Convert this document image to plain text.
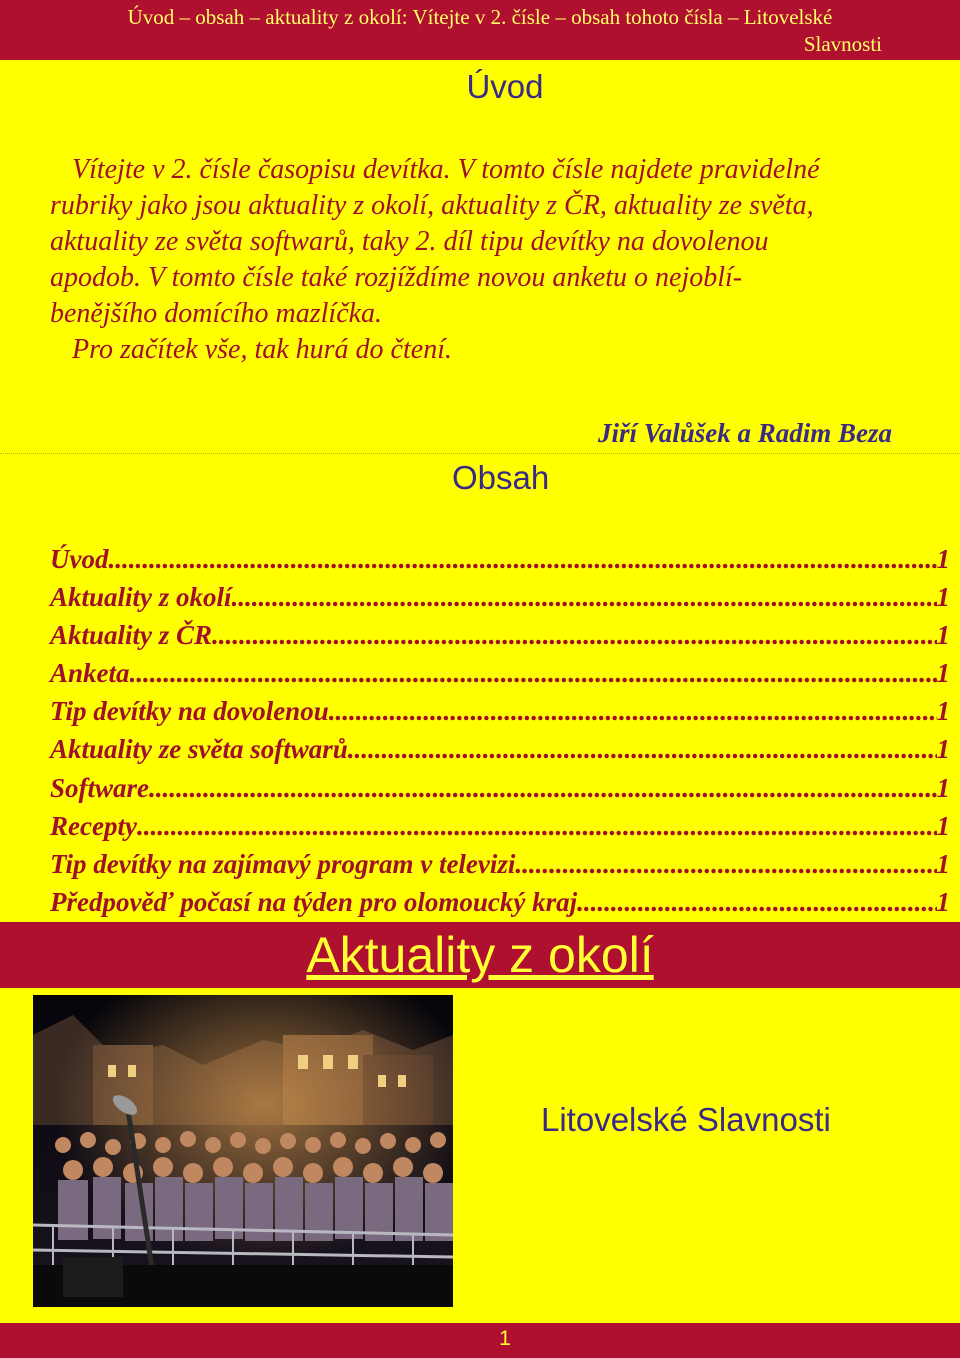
Úvod – obsah – aktuality z okolí: Vítejte v 2. čísle – obsah tohoto čísla – Litovelské
Slavnosti
Úvod
Vítejte v 2. čísle časopisu devítka. V tomto čísle najdete pravidelné
rubriky jako jsou aktuality z okolí, aktuality z ČR, aktuality ze světa,
aktuality ze světa softwarů, taky 2. díl tipu devítky na dovolenou
apodob. V tomto čísle také rozjíždíme novou anketu o nejoblí-
benějšího domícího mazlíčka.
Pro začítek vše, tak hurá do čtení.
Jiří Valůšek a Radim Beza
Obsah
Úvod .....	1
Aktuality z okolí .....	1
Aktuality z ČR .....	1
Anketa .....	1
Tip devítky na dovolenou .....	1
Aktuality ze světa softwarů .....	1
Software .....	1
Recepty .....	1
Tip devítky na zajímavý program v televizi .....	1
Předpověď počasí na týden pro olomoucký kraj .....	1
Aktuality z okolí
Litovelské Slavnosti
1
